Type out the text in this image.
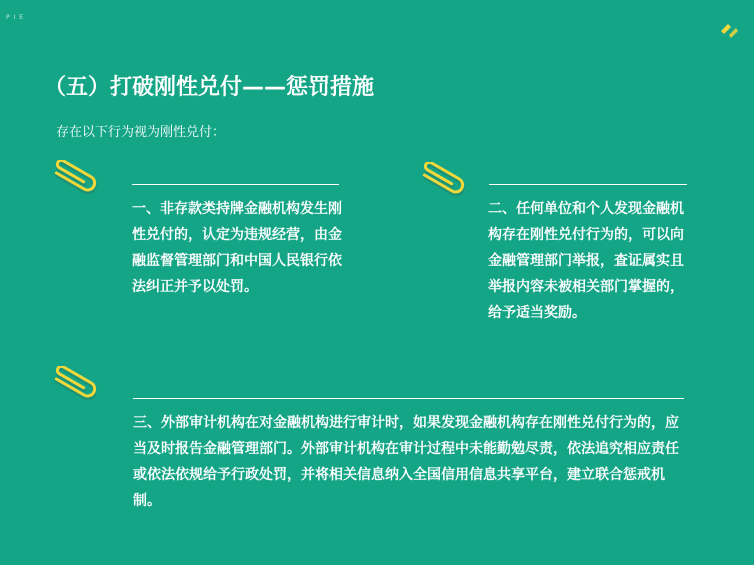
P I E
（五）打破刚性兑付——惩罚措施
存在以下行为视为刚性兑付：

一、非存款类持牌金融机构发生刚性兑付的，认定为违规经营，由金融监督管理部门和中国人民银行依法纠正并予以处罚。

二、任何单位和个人发现金融机构存在刚性兑付行为的，可以向金融管理部门举报，查证属实且举报内容未被相关部门掌握的，给予适当奖励。

三、外部审计机构在对金融机构进行审计时，如果发现金融机构存在刚性兑付行为的，应当及时报告金融管理部门。外部审计机构在审计过程中未能勤勉尽责，依法追究相应责任或依法依规给予行政处罚，并将相关信息纳入全国信用信息共享平台，建立联合惩戒机制。
